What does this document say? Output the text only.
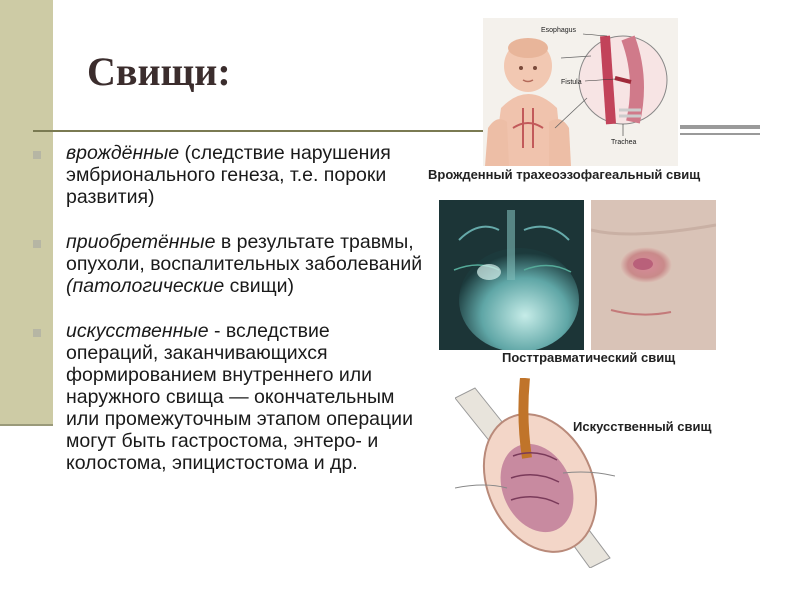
Свищи:
врождённые (следствие нарушения эмбрионального генеза, т.е. пороки развития)
приобретённые в результате травмы, опухоли, воспалительных заболеваний (патологические свищи)
искусственные - вследствие операций, заканчивающихся формированием внутреннего или наружного свища — окончательным или промежуточным этапом операции могут быть гастростома, энтеро- и колостома, эпицистостома и др.
Esophagus
Fistula
Trachea
Врожденный трахеоэзофагеальный свищ
Посттравматический свищ
Искусственный свищ
